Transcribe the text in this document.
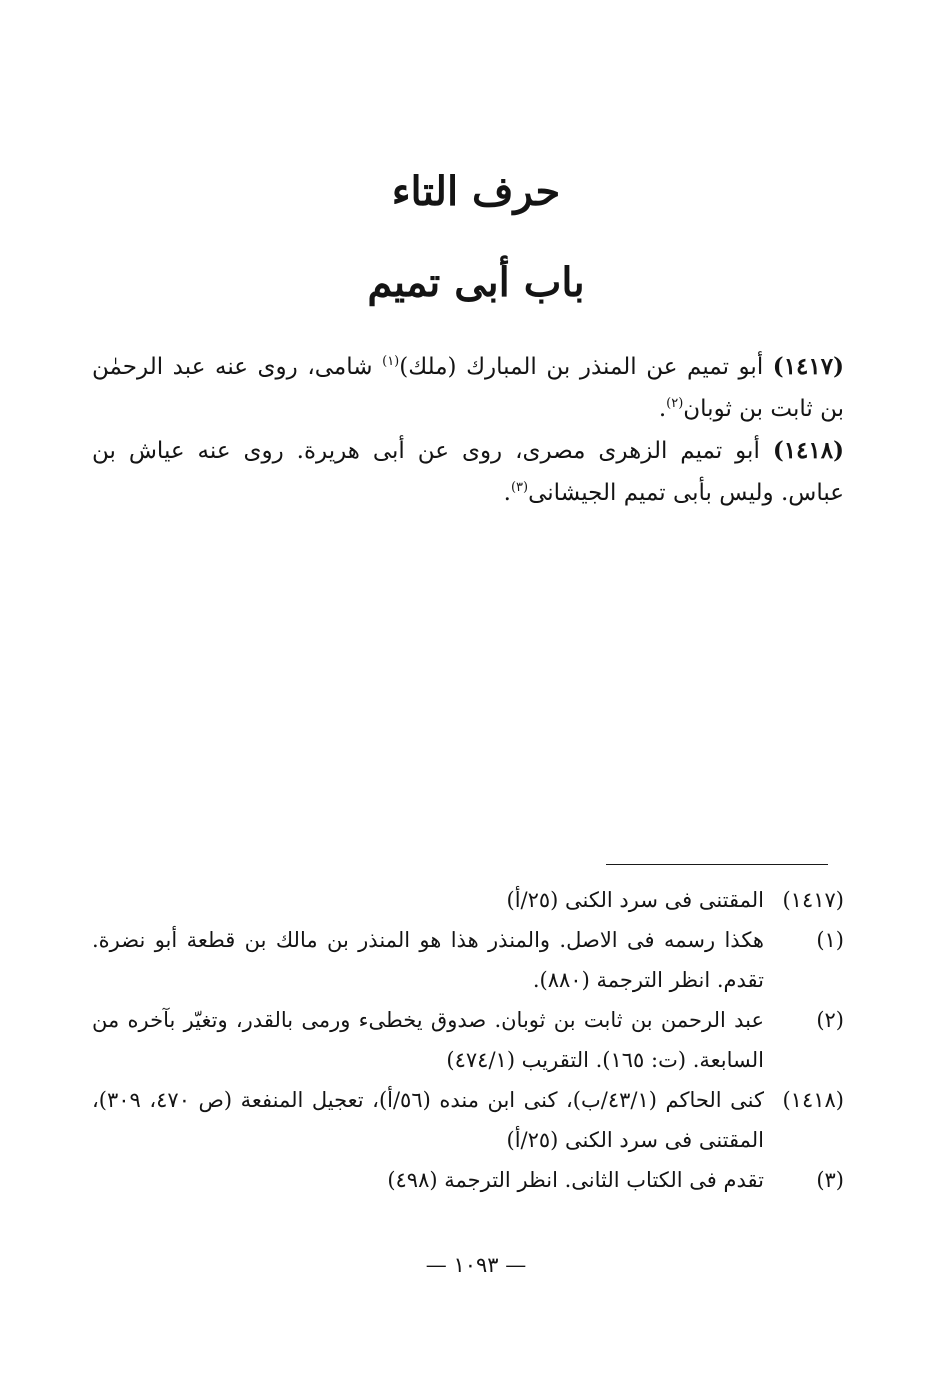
حرف التاء
باب أبى تميم

(١٤١٧) أبو تميم عن المنذر بن المبارك (ملك)$^{(١)}$ شامى، روى عنه عبد الرحمٰن بن ثابت بن ثوبان$^{(٢)}$.

(١٤١٨) أبو تميم الزهرى مصرى، روى عن أبى هريرة. روى عنه عياش بن عباس. وليس بأبى تميم الجيشانى$^{(٣)}$.

(١٤١٧)
المقتنى فى سرد الكنى (٢٥/أ)
(١)
هكذا رسمه فى الاصل. والمنذر هذا هو المنذر بن مالك بن قطعة أبو نضرة. تقدم. انظر الترجمة (٨٨٠).
(٢)
عبد الرحمن بن ثابت بن ثوبان. صدوق يخطىء ورمى بالقدر، وتغيّر بآخره من السابعة. (ت: ١٦٥). التقريب (٤٧٤/١)
(١٤١٨)
كنى الحاكم (٤٣/١/ب)، كنى ابن منده (٥٦/أ)، تعجيل المنفعة (ص ٤٧٠، ٣٠٩)، المقتنى فى سرد الكنى (٢٥/أ)
(٣)
تقدم فى الكتاب الثانى. انظر الترجمة (٤٩٨)
— ١٠٩٣ —
